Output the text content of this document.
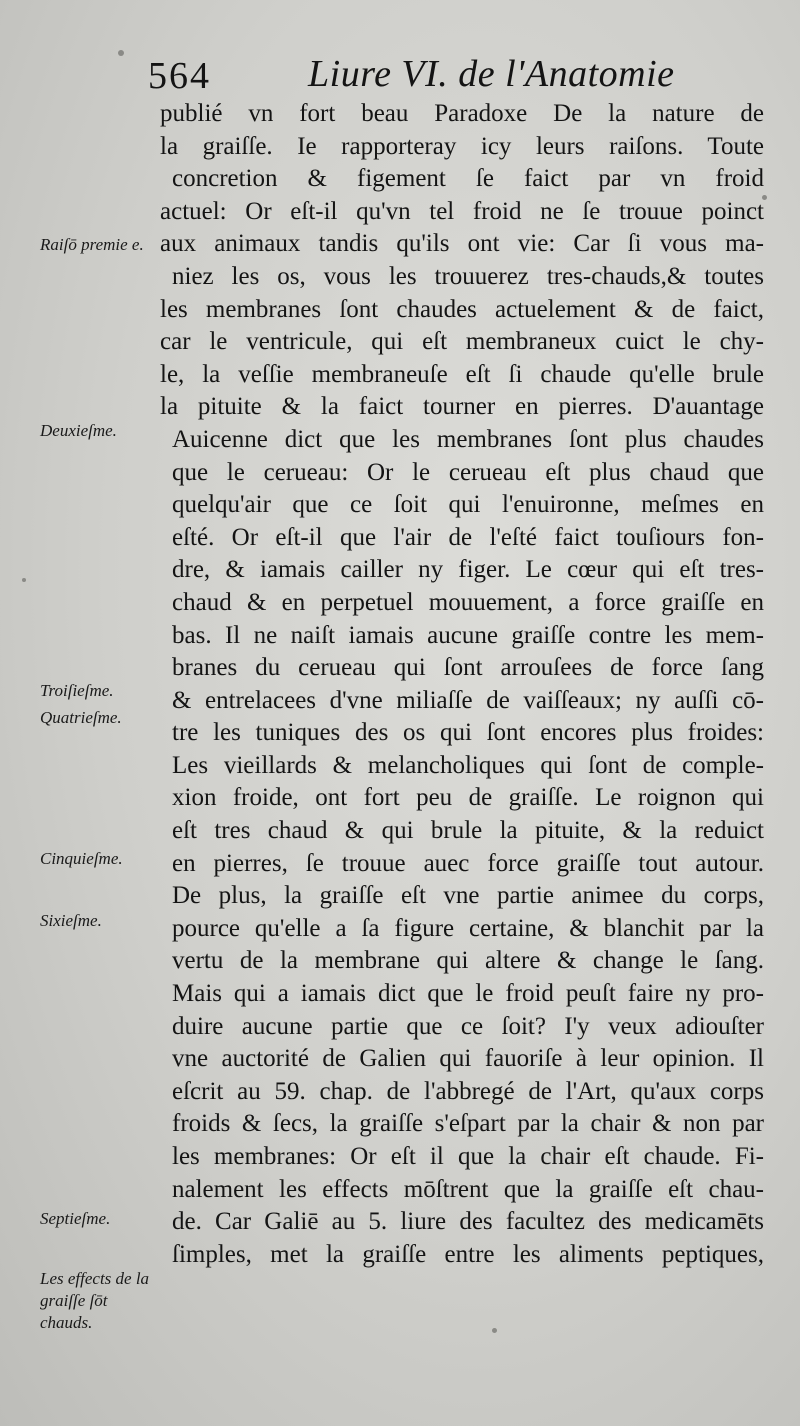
564	Liure VI. de l'Anatomie
publié vn fort beau Paradoxe De la nature de
la graiſſe. Ie rapporteray icy leurs raiſons. Toute
concretion & figement ſe faict par vn froid
actuel: Or eſt-il qu'vn tel froid ne ſe trouue poinct
aux animaux tandis qu'ils ont vie: Car ſi vous ma-
niez les os, vous les trouuerez tres-chauds,& toutes
les membranes ſont chaudes actuelement & de faict,
car le ventricule, qui eſt membraneux cuict le chy-
le, la veſſie membraneuſe eſt ſi chaude qu'elle brule
la pituite & la faict tourner en pierres. D'auantage
Auicenne dict que les membranes ſont plus chaudes
que le cerueau: Or le cerueau eſt plus chaud que
quelqu'air que ce ſoit qui l'enuironne, meſmes en
eſté. Or eſt-il que l'air de l'eſté faict touſiours fon-
dre, & iamais cailler ny figer. Le cœur qui eſt tres-
chaud & en perpetuel mouuement, a force graiſſe en
bas. Il ne naiſt iamais aucune graiſſe contre les mem-
branes du cerueau qui ſont arrouſees de force ſang
& entrelacees d'vne miliaſſe de vaiſſeaux; ny auſſi cō-
tre les tuniques des os qui ſont encores plus froides:
Les vieillards & melancholiques qui ſont de comple-
xion froide, ont fort peu de graiſſe. Le roignon qui
eſt tres chaud & qui brule la pituite, & la reduict
en pierres, ſe trouue auec force graiſſe tout autour.
De plus, la graiſſe eſt vne partie animee du corps,
pource qu'elle a ſa figure certaine, & blanchit par la
vertu de la membrane qui altere & change le ſang.
Mais qui a iamais dict que le froid peuſt faire ny pro-
duire aucune partie que ce ſoit? I'y veux adiouſter
vne auctorité de Galien qui fauoriſe à leur opinion. Il
eſcrit au 59. chap. de l'abbregé de l'Art, qu'aux corps
froids & ſecs, la graiſſe s'eſpart par la chair & non par
les membranes: Or eſt il que la chair eſt chaude. Fi-
nalement les effects mōſtrent que la graiſſe eſt chau-
de. Car Galiē au 5. liure des facultez des medicamēts
ſimples, met la graiſſe entre les aliments peptiques,
Raiſō premie e.
Deuxieſme.
Troiſieſme.
Quatrieſme.
Cinquieſme.
Sixieſme.
Septieſme.
Les effects de la graiſſe ſōt chauds.
